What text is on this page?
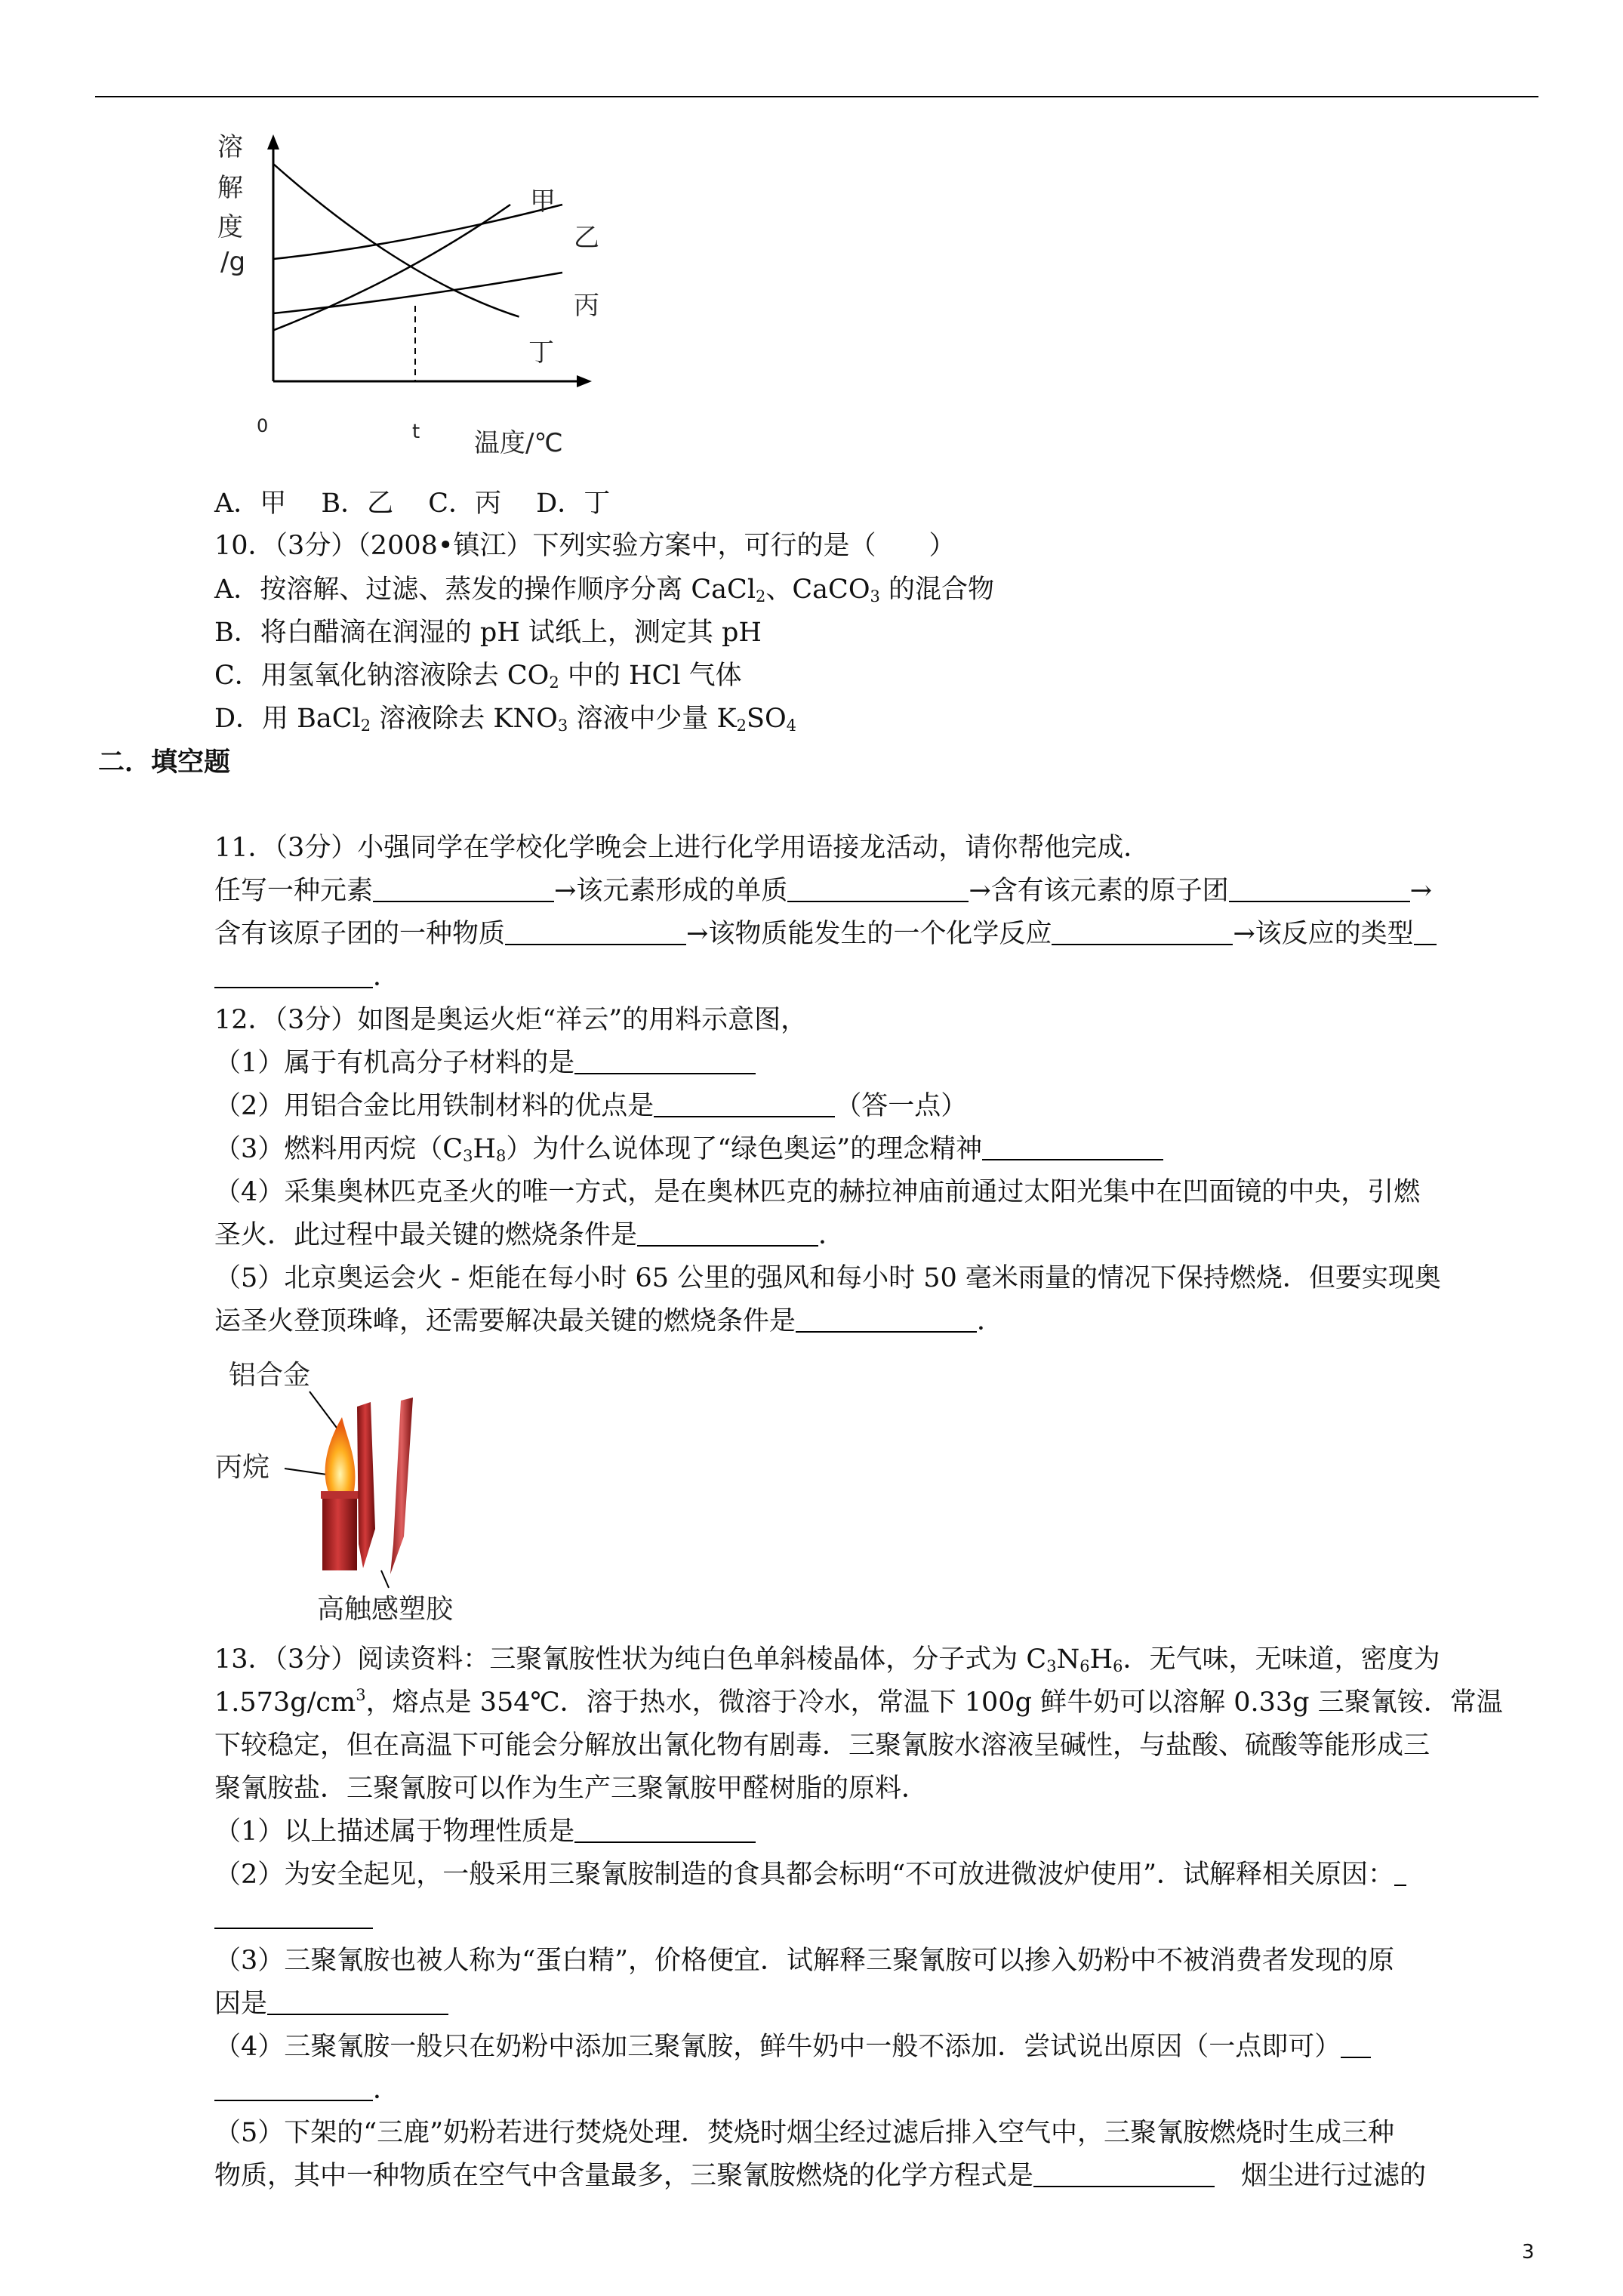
溶
解
度
/g
0	t 温度/℃
甲
乙
丙
丁
A．甲　 B．乙　 C．丙　 D．丁
10．（3分）（2008•镇江）下列实验方案中，可行的是（　　）
A．按溶解、过滤、蒸发的操作顺序分离 CaCl$_2$、CaCO$_3$ 的混合物
B．将白醋滴在润湿的 pH 试纸上，测定其 pH
C．用氢氧化钠溶液除去 $CO_2$ 中的 HCl 气体
D．用 BaCl$_2$ 溶液除去 $KNO_3$ 溶液中少量 $K_2SO_4$
二．填空题
11．（3分）小强同学在学校化学晚会上进行化学用语接龙活动，请你帮他完成．
任写一种元素	→该元素形成的单质	→含有该元素的原子团	→
含有该原子团的一种物质	→该物质能发生的一个化学反应	→该反应的类型
．
12．（3分）如图是奥运火炬“祥云”的用料示意图，
（1）属于有机高分子材料的是
（2）用铝合金比用铁制材料的优点是	（答一点）
（3）燃料用丙烷$(C_3H_8)$为什么说体现了“绿色奥运”的理念精神
（4）采集奥林匹克圣火的唯一方式，是在奥林匹克的赫拉神庙前通过太阳光集中在凹面镜的中央，引燃
圣火．此过程中最关键的燃烧条件是	．
（5）北京奥运会火 - 炬能在每小时 65 公里的强风和每小时 50 毫米雨量的情况下保持燃烧．但要实现奥
运圣火登顶珠峰，还需要解决最关键的燃烧条件是	．
铝合金
丙烷
高触感塑胶
13．（3分）阅读资料：三聚氰胺性状为纯白色单斜棱晶体，分子式为 $C_3N_6H_6$．无气味，无味道，密度为
$1.573g/cm^3$，熔点是 354℃．溶于热水，微溶于冷水，常温下 100g 鲜牛奶可以溶解 0.33g 三聚氰铵．常温
下较稳定，但在高温下可能会分解放出氰化物有剧毒．三聚氰胺水溶液呈碱性，与盐酸、硫酸等能形成三
聚氰胺盐．三聚氰胺可以作为生产三聚氰胺甲醛树脂的原料．
（1）以上描述属于物理性质是
（2）为安全起见，一般采用三聚氰胺制造的食具都会标明“不可放进微波炉使用”．试解释相关原因：
（3）三聚氰胺也被人称为“蛋白精”，价格便宜．试解释三聚氰胺可以掺入奶粉中不被消费者发现的原
因是
（4）三聚氰胺一般只在奶粉中添加三聚氰胺，鲜牛奶中一般不添加．尝试说出原因（一点即可）
．
（5）下架的“三鹿”奶粉若进行焚烧处理．焚烧时烟尘经过滤后排入空气中，三聚氰胺燃烧时生成三种
物质，其中一种物质在空气中含量最多，三聚氰胺燃烧的化学方程式是	　烟尘进行过滤的
3
